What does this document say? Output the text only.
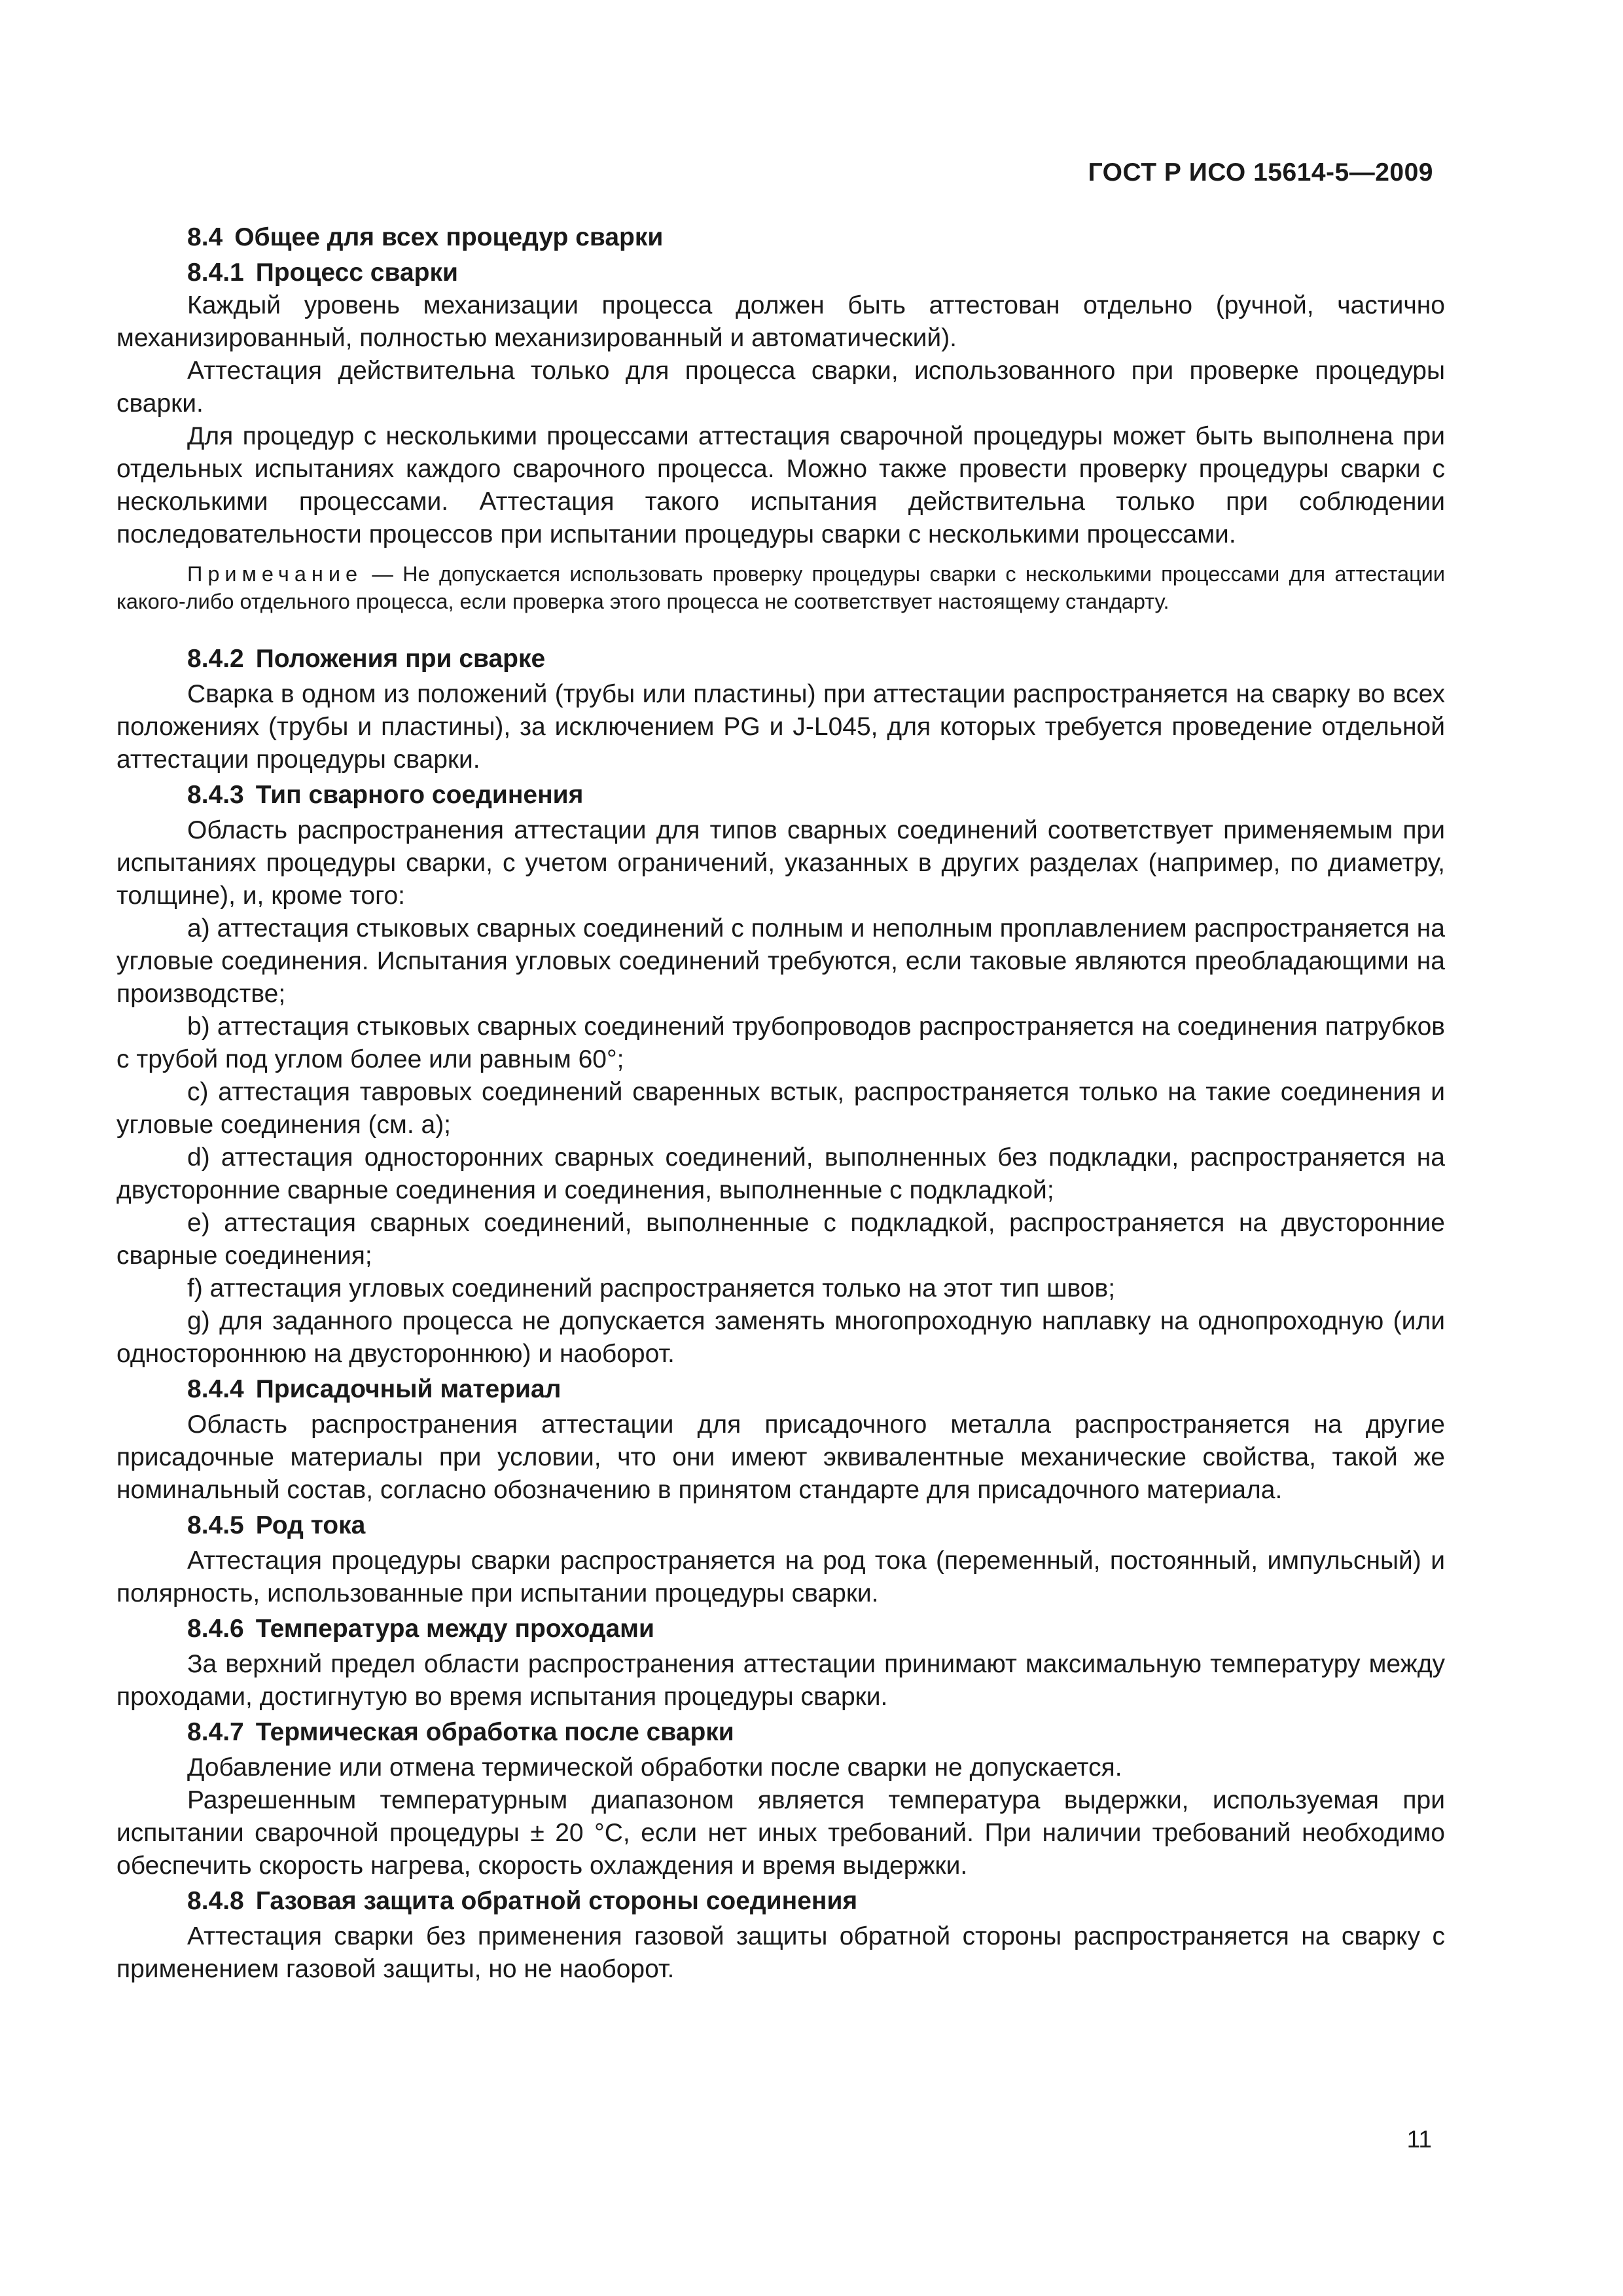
ГОСТ Р ИСО 15614-5—2009
8.4 Общее для всех процедур сварки
8.4.1 Процесс сварки

Каждый уровень механизации процесса должен быть аттестован отдельно (ручной, частично механизированный, полностью механизированный и автоматический).

Аттестация действительна только для процесса сварки, использованного при проверке процедуры сварки.

Для процедур с несколькими процессами аттестация сварочной процедуры может быть выполнена при отдельных испытаниях каждого сварочного процесса. Можно также провести проверку процедуры сварки с несколькими процессами. Аттестация такого испытания действительна только при соблюдении последовательности процессов при испытании процедуры сварки с несколькими процессами.

Примечание — Не допускается использовать проверку процедуры сварки с несколькими процессами для аттестации какого-либо отдельного процесса, если проверка этого процесса не соответствует настоящему стандарту.
8.4.2 Положения при сварке

Сварка в одном из положений (трубы или пластины) при аттестации распространяется на сварку во всех положениях (трубы и пластины), за исключением PG и J-L045, для которых требуется проведение отдельной аттестации процедуры сварки.

8.4.3 Тип сварного соединения

Область распространения аттестации для типов сварных соединений соответствует применяемым при испытаниях процедуры сварки, с учетом ограничений, указанных в других разделах (например, по диаметру, толщине), и, кроме того:

a) аттестация стыковых сварных соединений с полным и неполным проплавлением распространяется на угловые соединения. Испытания угловых соединений требуются, если таковые являются преобладающими на производстве;

b) аттестация стыковых сварных соединений трубопроводов распространяется на соединения патрубков с трубой под углом более или равным 60°;

c) аттестация тавровых соединений сваренных встык, распространяется только на такие соединения и угловые соединения (см. а);

d) аттестация односторонних сварных соединений, выполненных без подкладки, распространяется на двусторонние сварные соединения и соединения, выполненные с подкладкой;

e) аттестация сварных соединений, выполненные с подкладкой, распространяется на двусторонние сварные соединения;

f) аттестация угловых соединений распространяется только на этот тип швов;

g) для заданного процесса не допускается заменять многопроходную наплавку на однопроходную (или одностороннюю на двустороннюю) и наоборот.

8.4.4 Присадочный материал

Область распространения аттестации для присадочного металла распространяется на другие присадочные материалы при условии, что они имеют эквивалентные механические свойства, такой же номинальный состав, согласно обозначению в принятом стандарте для присадочного материала.

8.4.5 Род тока

Аттестация процедуры сварки распространяется на род тока (переменный, постоянный, импульсный) и полярность, использованные при испытании процедуры сварки.

8.4.6 Температура между проходами

За верхний предел области распространения аттестации принимают максимальную температуру между проходами, достигнутую во время испытания процедуры сварки.

8.4.7 Термическая обработка после сварки

Добавление или отмена термической обработки после сварки не допускается.

Разрешенным температурным диапазоном является температура выдержки, используемая при испытании сварочной процедуры ± 20 °С, если нет иных требований. При наличии требований необходимо обеспечить скорость нагрева, скорость охлаждения и время выдержки.

8.4.8 Газовая защита обратной стороны соединения

Аттестация сварки без применения газовой защиты обратной стороны распространяется на сварку с применением газовой защиты, но не наоборот.

11
